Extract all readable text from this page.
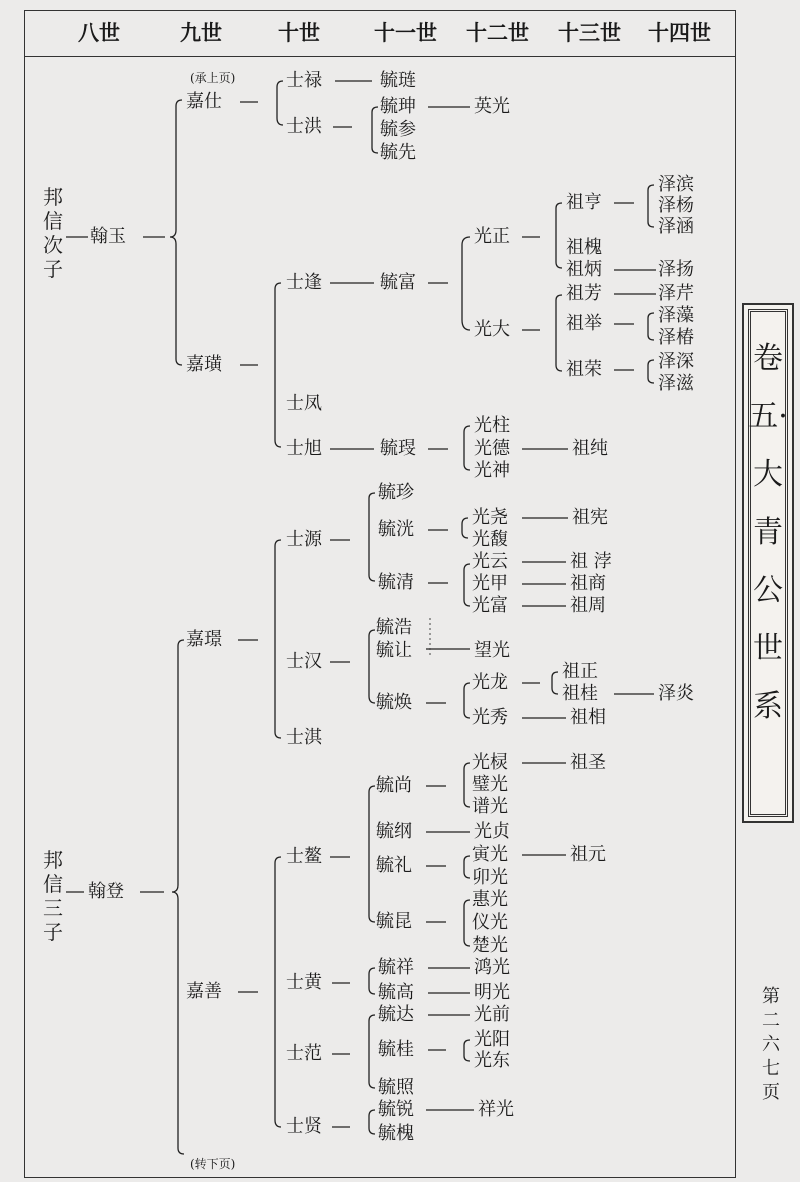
八世	九世	十世	十一世 十二世 十三世 十四世
(承上页)
(转下页)
邦信次子
邦信三子
翰玉
嘉仕
嘉璜
士禄
士洪
毓琏
毓珅
毓参
毓先
英光
士逢	毓富
光正
光大
祖亨
祖槐
祖炳
祖芳
祖举
祖荣
泽滨
泽杨
泽涵
泽扬
泽芹
泽藻
泽椿
泽深
泽滋
士凤
士旭	毓琝
光柱
光德
光神
祖纯
翰登
嘉璟
嘉善
士源
士汉
士淇
毓珍
毓洸
毓清
光尧
光馥
祖宪
光云
光甲
光富
祖 浡
祖商
祖周
毓浩
毓让	望光
毓焕
光龙
光秀
祖正
祖桂
祖相
泽炎
士鳌
毓尚
光棂
璧光
谱光
祖圣
毓纲	光贞
毓礼
寅光
卯光
祖元
毓昆
惠光
仪光
楚光
士黄
毓祥
毓高
鸿光
明光
士范
毓达
毓桂
毓照
光前
光阳
光东
士贤
毓锐
毓槐
祥光
卷五·大青公世系
第二六七页
